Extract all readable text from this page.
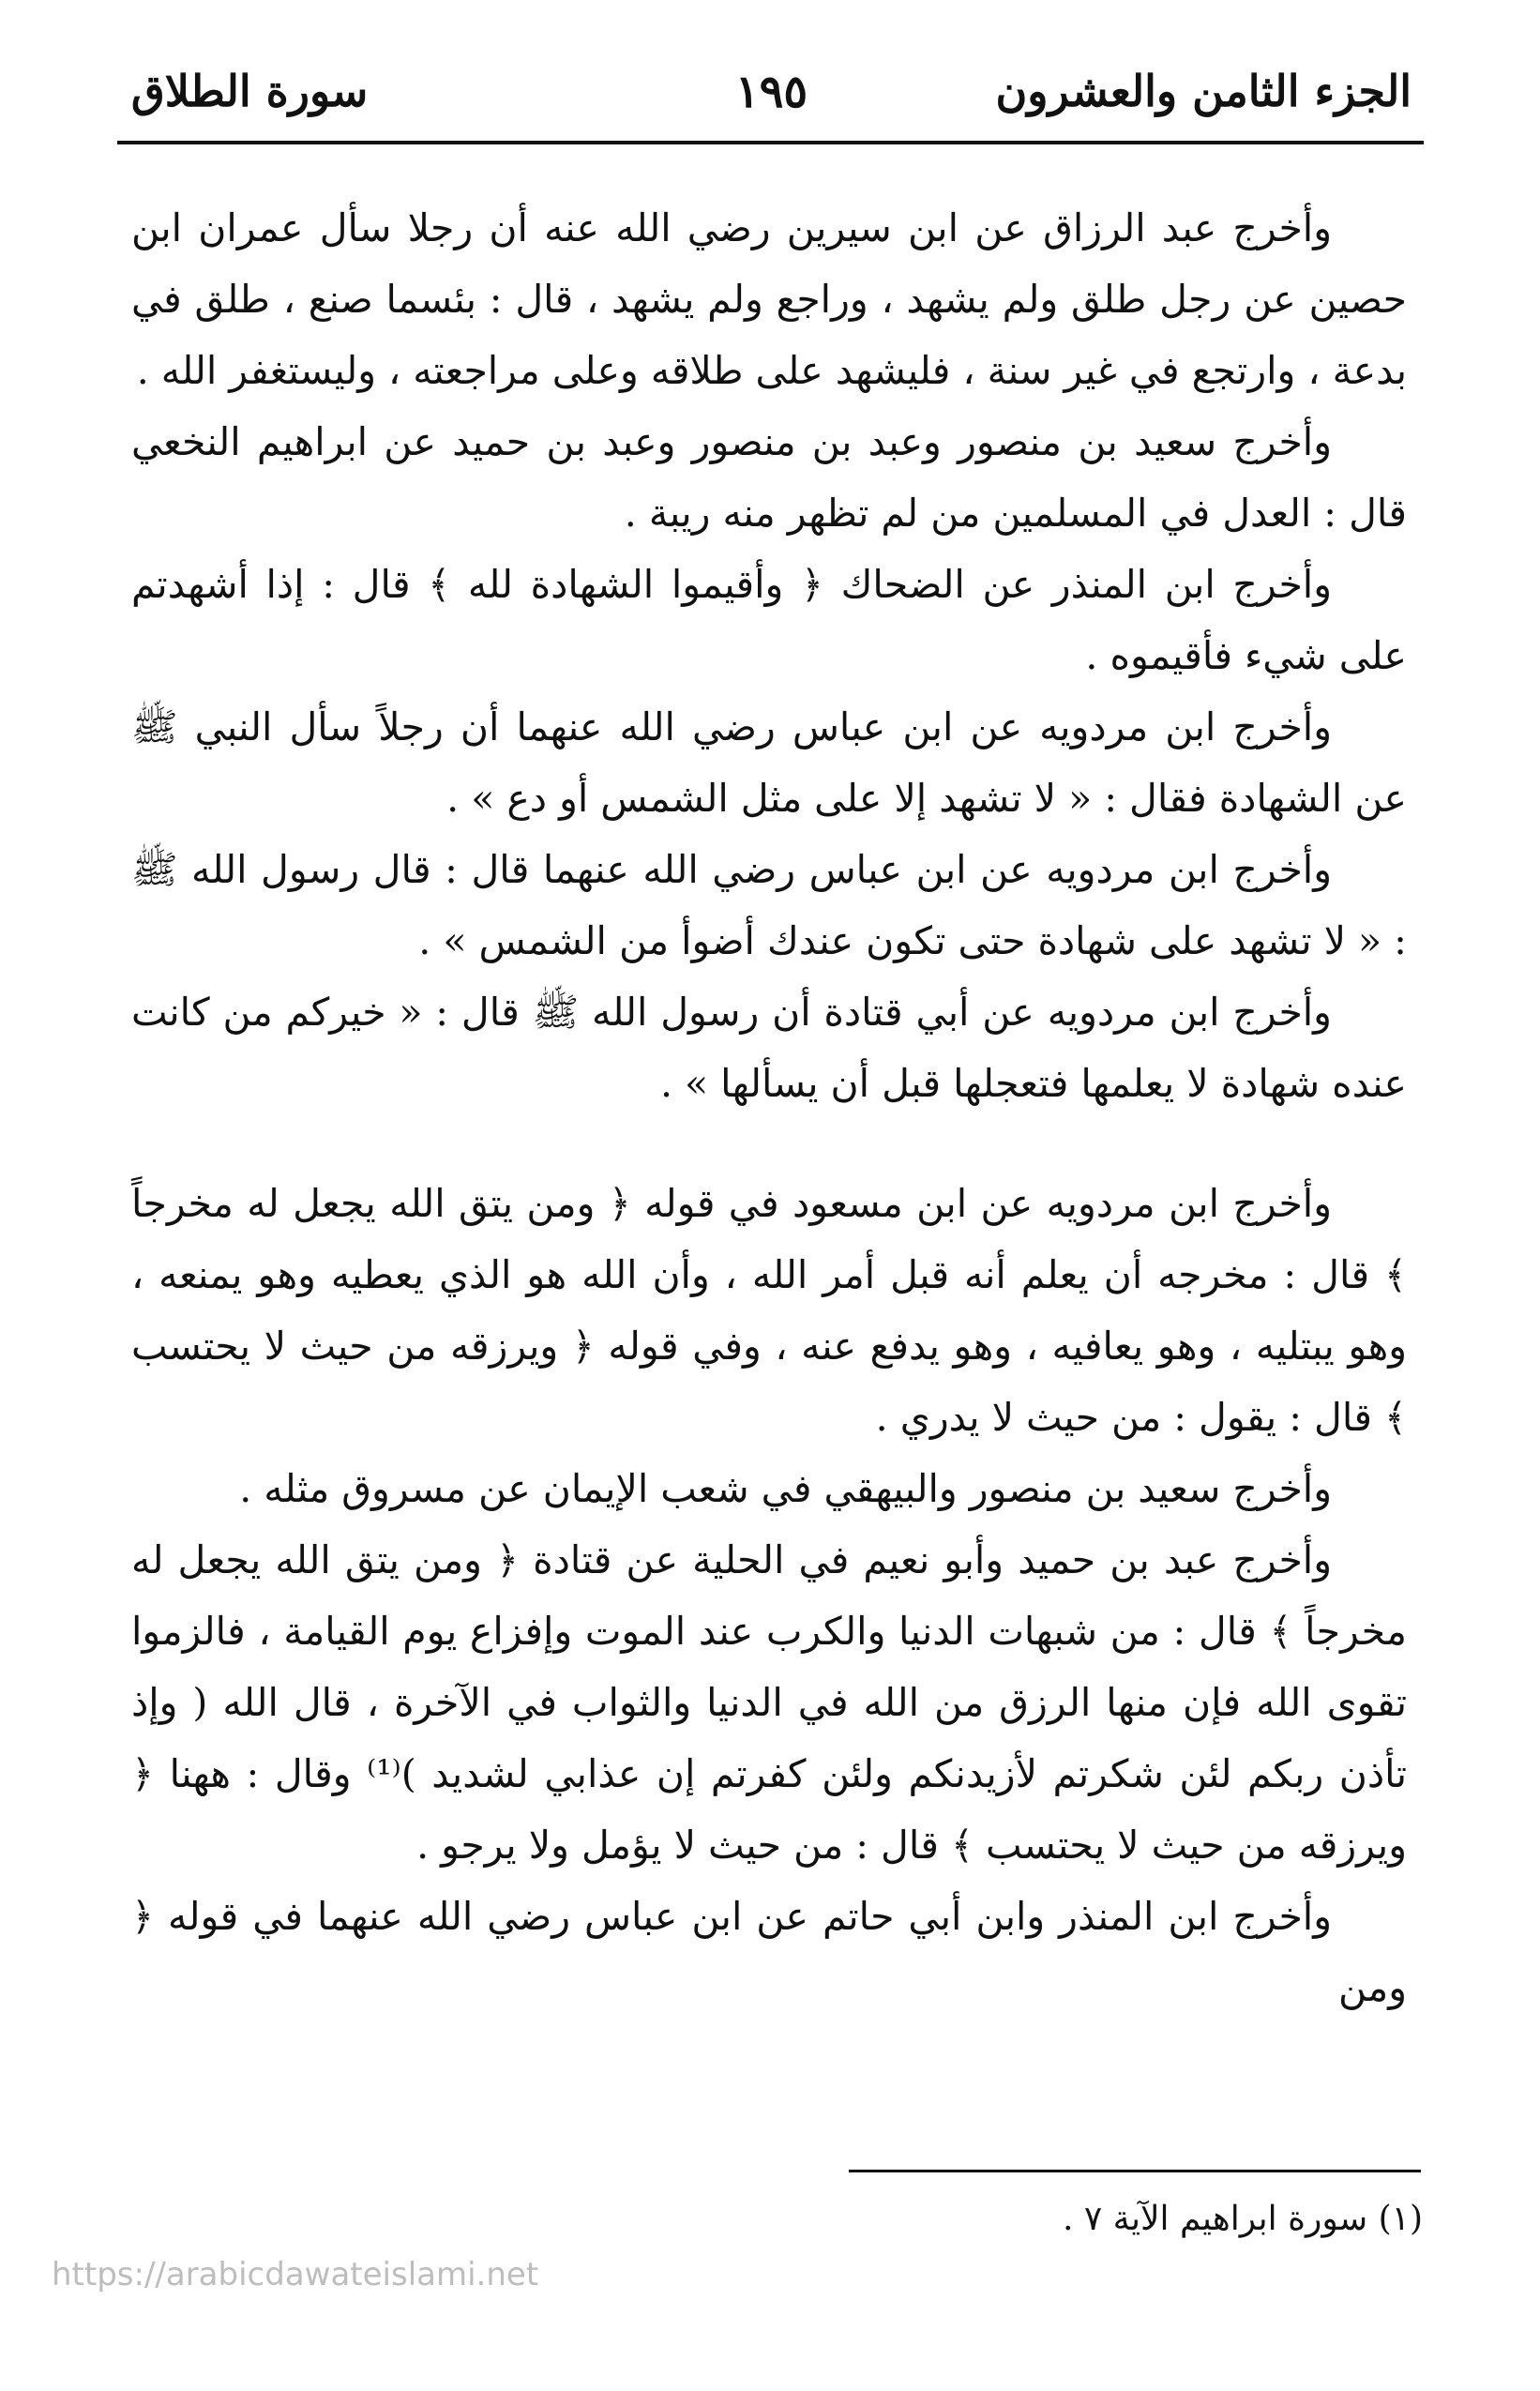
الجزء الثامن والعشرون
١٩٥
سورة الطلاق

وأخرج عبد الرزاق عن ابن سيرين رضي الله عنه أن رجلا سأل عمران ابن حصين عن رجل طلق ولم يشهد ، وراجع ولم يشهد ، قال : بئسما صنع ، طلق في بدعة ، وارتجع في غير سنة ، فليشهد على طلاقه وعلى مراجعته ، وليستغفر الله .

وأخرج سعيد بن منصور وعبد بن منصور وعبد بن حميد عن ابراهيم النخعي قال : العدل في المسلمين من لم تظهر منه ريبة .

وأخرج ابن المنذر عن الضحاك ﴿ وأقيموا الشهادة لله ﴾ قال : إذا أشهدتم على شيء فأقيموه .

وأخرج ابن مردويه عن ابن عباس رضي الله عنهما أن رجلاً سأل النبي ﷺ عن الشهادة فقال : « لا تشهد إلا على مثل الشمس أو دع » .

وأخرج ابن مردويه عن ابن عباس رضي الله عنهما قال : قال رسول الله ﷺ : « لا تشهد على شهادة حتى تكون عندك أضوأ من الشمس » .

وأخرج ابن مردويه عن أبي قتادة أن رسول الله ﷺ قال : « خيركم من كانت عنده شهادة لا يعلمها فتعجلها قبل أن يسألها » .

وأخرج ابن مردويه عن ابن مسعود في قوله ﴿ ومن يتق الله يجعل له مخرجاً ﴾ قال : مخرجه أن يعلم أنه قبل أمر الله ، وأن الله هو الذي يعطيه وهو يمنعه ، وهو يبتليه ، وهو يعافيه ، وهو يدفع عنه ، وفي قوله ﴿ ويرزقه من حيث لا يحتسب ﴾ قال : يقول : من حيث لا يدري .

وأخرج سعيد بن منصور والبيهقي في شعب الإيمان عن مسروق مثله .

وأخرج عبد بن حميد وأبو نعيم في الحلية عن قتادة ﴿ ومن يتق الله يجعل له مخرجاً ﴾ قال : من شبهات الدنيا والكرب عند الموت وإفزاع يوم القيامة ، فالزموا تقوى الله فإن منها الرزق من الله في الدنيا والثواب في الآخرة ، قال الله ( وإذ تأذن ربكم لئن شكرتم لأزيدنكم ولئن كفرتم إن عذابي لشديد )⁽¹⁾ وقال : ههنا ﴿ ويرزقه من حيث لا يحتسب ﴾ قال : من حيث لا يؤمل ولا يرجو .

وأخرج ابن المنذر وابن أبي حاتم عن ابن عباس رضي الله عنهما في قوله ﴿ ومن

(١) سورة ابراهيم الآية ٧ .
https://arabicdawateislami.net
